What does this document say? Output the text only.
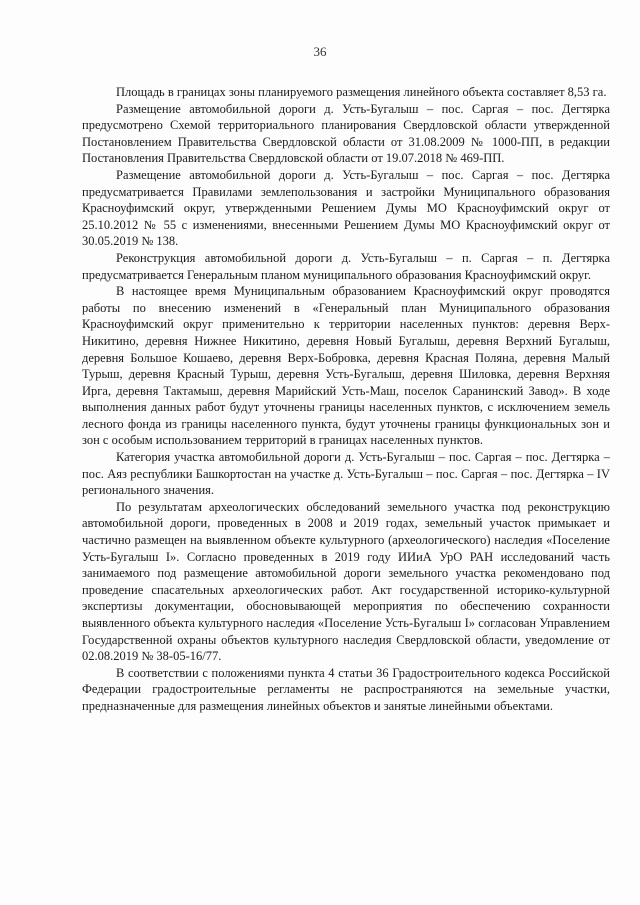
36

Площадь в границах зоны планируемого размещения линейного объекта составляет 8,53 га.

Размещение автомобильной дороги д. Усть-Бугалыш – пос. Саргая – пос. Дегтярка предусмотрено Схемой территориального планирования Свердловской области утвержденной Постановлением Правительства Свердловской области от 31.08.2009 № 1000-ПП, в редакции Постановления Правительства Свердловской области от 19.07.2018 № 469-ПП.

Размещение автомобильной дороги д. Усть-Бугалыш – пос. Саргая – пос. Дегтярка предусматривается Правилами землепользования и застройки Муниципального образования Красноуфимский округ, утвержденными Решением Думы МО Красноуфимский округ от 25.10.2012 № 55 с изменениями, внесенными Решением Думы МО Красноуфимский округ от 30.05.2019 № 138.

Реконструкция автомобильной дороги д. Усть-Бугалыш – п. Саргая – п. Дегтярка предусматривается Генеральным планом муниципального образования Красноуфимский округ.

В настоящее время Муниципальным образованием Красноуфимский округ проводятся работы по внесению изменений в «Генеральный план Муниципального образования Красноуфимский округ применительно к территории населенных пунктов: деревня Верх-Никитино, деревня Нижнее Никитино, деревня Новый Бугалыш, деревня Верхний Бугалыш, деревня Большое Кошаево, деревня Верх-Бобровка, деревня Красная Поляна, деревня Малый Турыш, деревня Красный Турыш, деревня Усть-Бугалыш, деревня Шиловка, деревня Верхняя Ирга, деревня Тактамыш, деревня Марийский Усть-Маш, поселок Саранинский Завод». В ходе выполнения данных работ будут уточнены границы населенных пунктов, с исключением земель лесного фонда из границы населенного пункта, будут уточнены границы функциональных зон и зон с особым использованием территорий в границах населенных пунктов.

Категория участка автомобильной дороги д. Усть-Бугалыш – пос. Саргая – пос. Дегтярка – пос. Аяз республики Башкортостан на участке д. Усть-Бугалыш – пос. Саргая – пос. Дегтярка – IV регионального значения.

По результатам археологических обследований земельного участка под реконструкцию автомобильной дороги, проведенных в 2008 и 2019 годах, земельный участок примыкает и частично размещен на выявленном объекте культурного (археологического) наследия «Поселение Усть-Бугалыш I». Согласно проведенных в 2019 году ИИиА УрО РАН исследований часть занимаемого под размещение автомобильной дороги земельного участка рекомендовано под проведение спасательных археологических работ. Акт государственной историко-культурной экспертизы документации, обосновывающей мероприятия по обеспечению сохранности выявленного объекта культурного наследия «Поселение Усть-Бугалыш I» согласован Управлением Государственной охраны объектов культурного наследия Свердловской области, уведомление от 02.08.2019 № 38-05-16/77.

В соответствии с положениями пункта 4 статьи 36 Градостроительного кодекса Российской Федерации градостроительные регламенты не распространяются на земельные участки, предназначенные для размещения линейных объектов и занятые линейными объектами.
